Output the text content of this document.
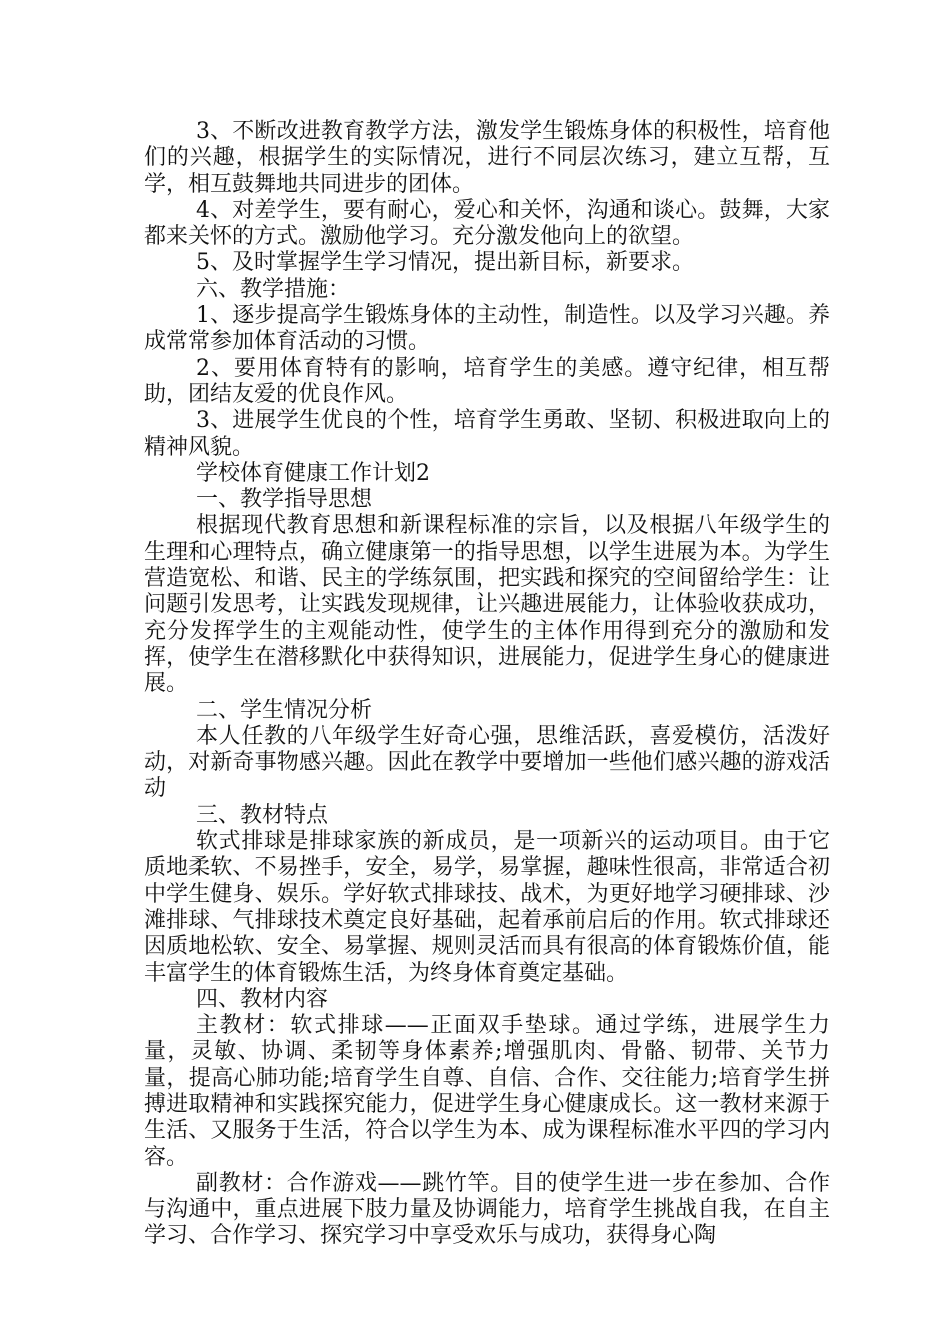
3、不断改进教育教学方法，激发学生锻炼身体的积极性，培育他们的兴趣，根据学生的实际情况，进行不同层次练习，建立互帮，互学，相互鼓舞地共同进步的团体。

4、对差学生，要有耐心，爱心和关怀，沟通和谈心。鼓舞，大家都来关怀的方式。激励他学习。充分激发他向上的欲望。

5、及时掌握学生学习情况，提出新目标，新要求。

六、教学措施：

1、逐步提高学生锻炼身体的主动性，制造性。以及学习兴趣。养成常常参加体育活动的习惯。

2、要用体育特有的影响，培育学生的美感。遵守纪律，相互帮助，团结友爱的优良作风。

3、进展学生优良的个性，培育学生勇敢、坚韧、积极进取向上的精神风貌。

学校体育健康工作计划2

一、教学指导思想

根据现代教育思想和新课程标准的宗旨，以及根据八年级学生的生理和心理特点，确立健康第一的指导思想，以学生进展为本。为学生营造宽松、和谐、民主的学练氛围，把实践和探究的空间留给学生：让问题引发思考，让实践发现规律，让兴趣进展能力，让体验收获成功，充分发挥学生的主观能动性，使学生的主体作用得到充分的激励和发挥，使学生在潜移默化中获得知识，进展能力，促进学生身心的健康进展。

二、学生情况分析

本人任教的八年级学生好奇心强，思维活跃，喜爱模仿，活泼好动，对新奇事物感兴趣。因此在教学中要增加一些他们感兴趣的游戏活动

三、教材特点

软式排球是排球家族的新成员，是一项新兴的运动项目。由于它质地柔软、不易挫手，安全，易学，易掌握，趣味性很高，非常适合初中学生健身、娱乐。学好软式排球技、战术，为更好地学习硬排球、沙滩排球、气排球技术奠定良好基础，起着承前启后的作用。软式排球还因质地松软、安全、易掌握、规则灵活而具有很高的体育锻炼价值，能丰富学生的体育锻炼生活，为终身体育奠定基础。

四、教材内容

主教材：软式排球——正面双手垫球。通过学练，进展学生力量，灵敏、协调、柔韧等身体素养;增强肌肉、骨骼、韧带、关节力量，提高心肺功能;培育学生自尊、自信、合作、交往能力;培育学生拼搏进取精神和实践探究能力，促进学生身心健康成长。这一教材来源于生活、又服务于生活，符合以学生为本、成为课程标准水平四的学习内容。

副教材：合作游戏——跳竹竿。目的使学生进一步在参加、合作与沟通中，重点进展下肢力量及协调能力，培育学生挑战自我，在自主学习、合作学习、探究学习中享受欢乐与成功，获得身心陶
